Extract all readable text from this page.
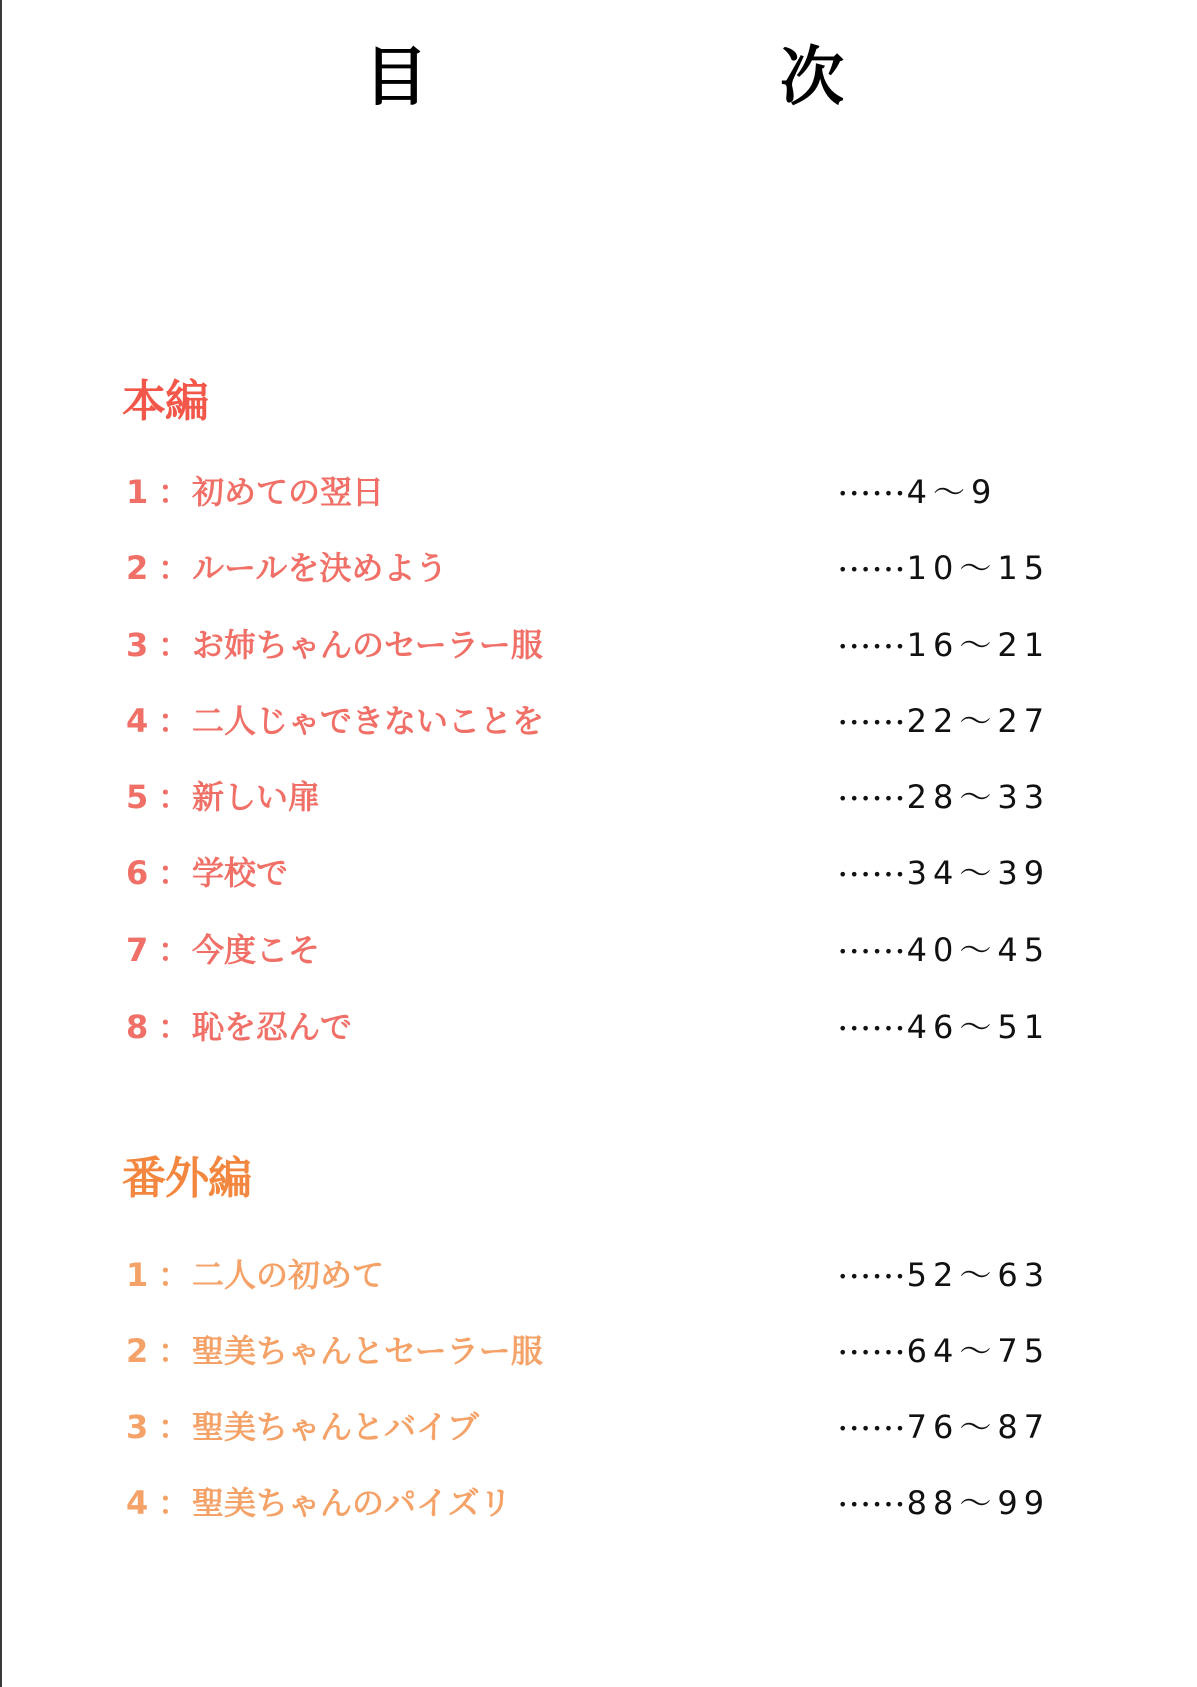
目	次
本編
1 ：初めての翌日	••••••4〜9
2 ：ルールを決めよう	••••••10〜15
3 ：お姉ちゃんのセーラー服	••••••16〜21
4 ：二人じゃできないことを	••••••22〜27
5 ：新しい扉	••••••28〜33
6 ：学校で	••••••34〜39
7 ：今度こそ	••••••40〜45
8 ：恥を忍んで	••••••46〜51
番外編
1 ：二人の初めて	••••••52〜63
2 ：聖美ちゃんとセーラー服	••••••64〜75
3 ：聖美ちゃんとバイブ	••••••76〜87
4 ：聖美ちゃんのパイズリ	••••••88〜99
